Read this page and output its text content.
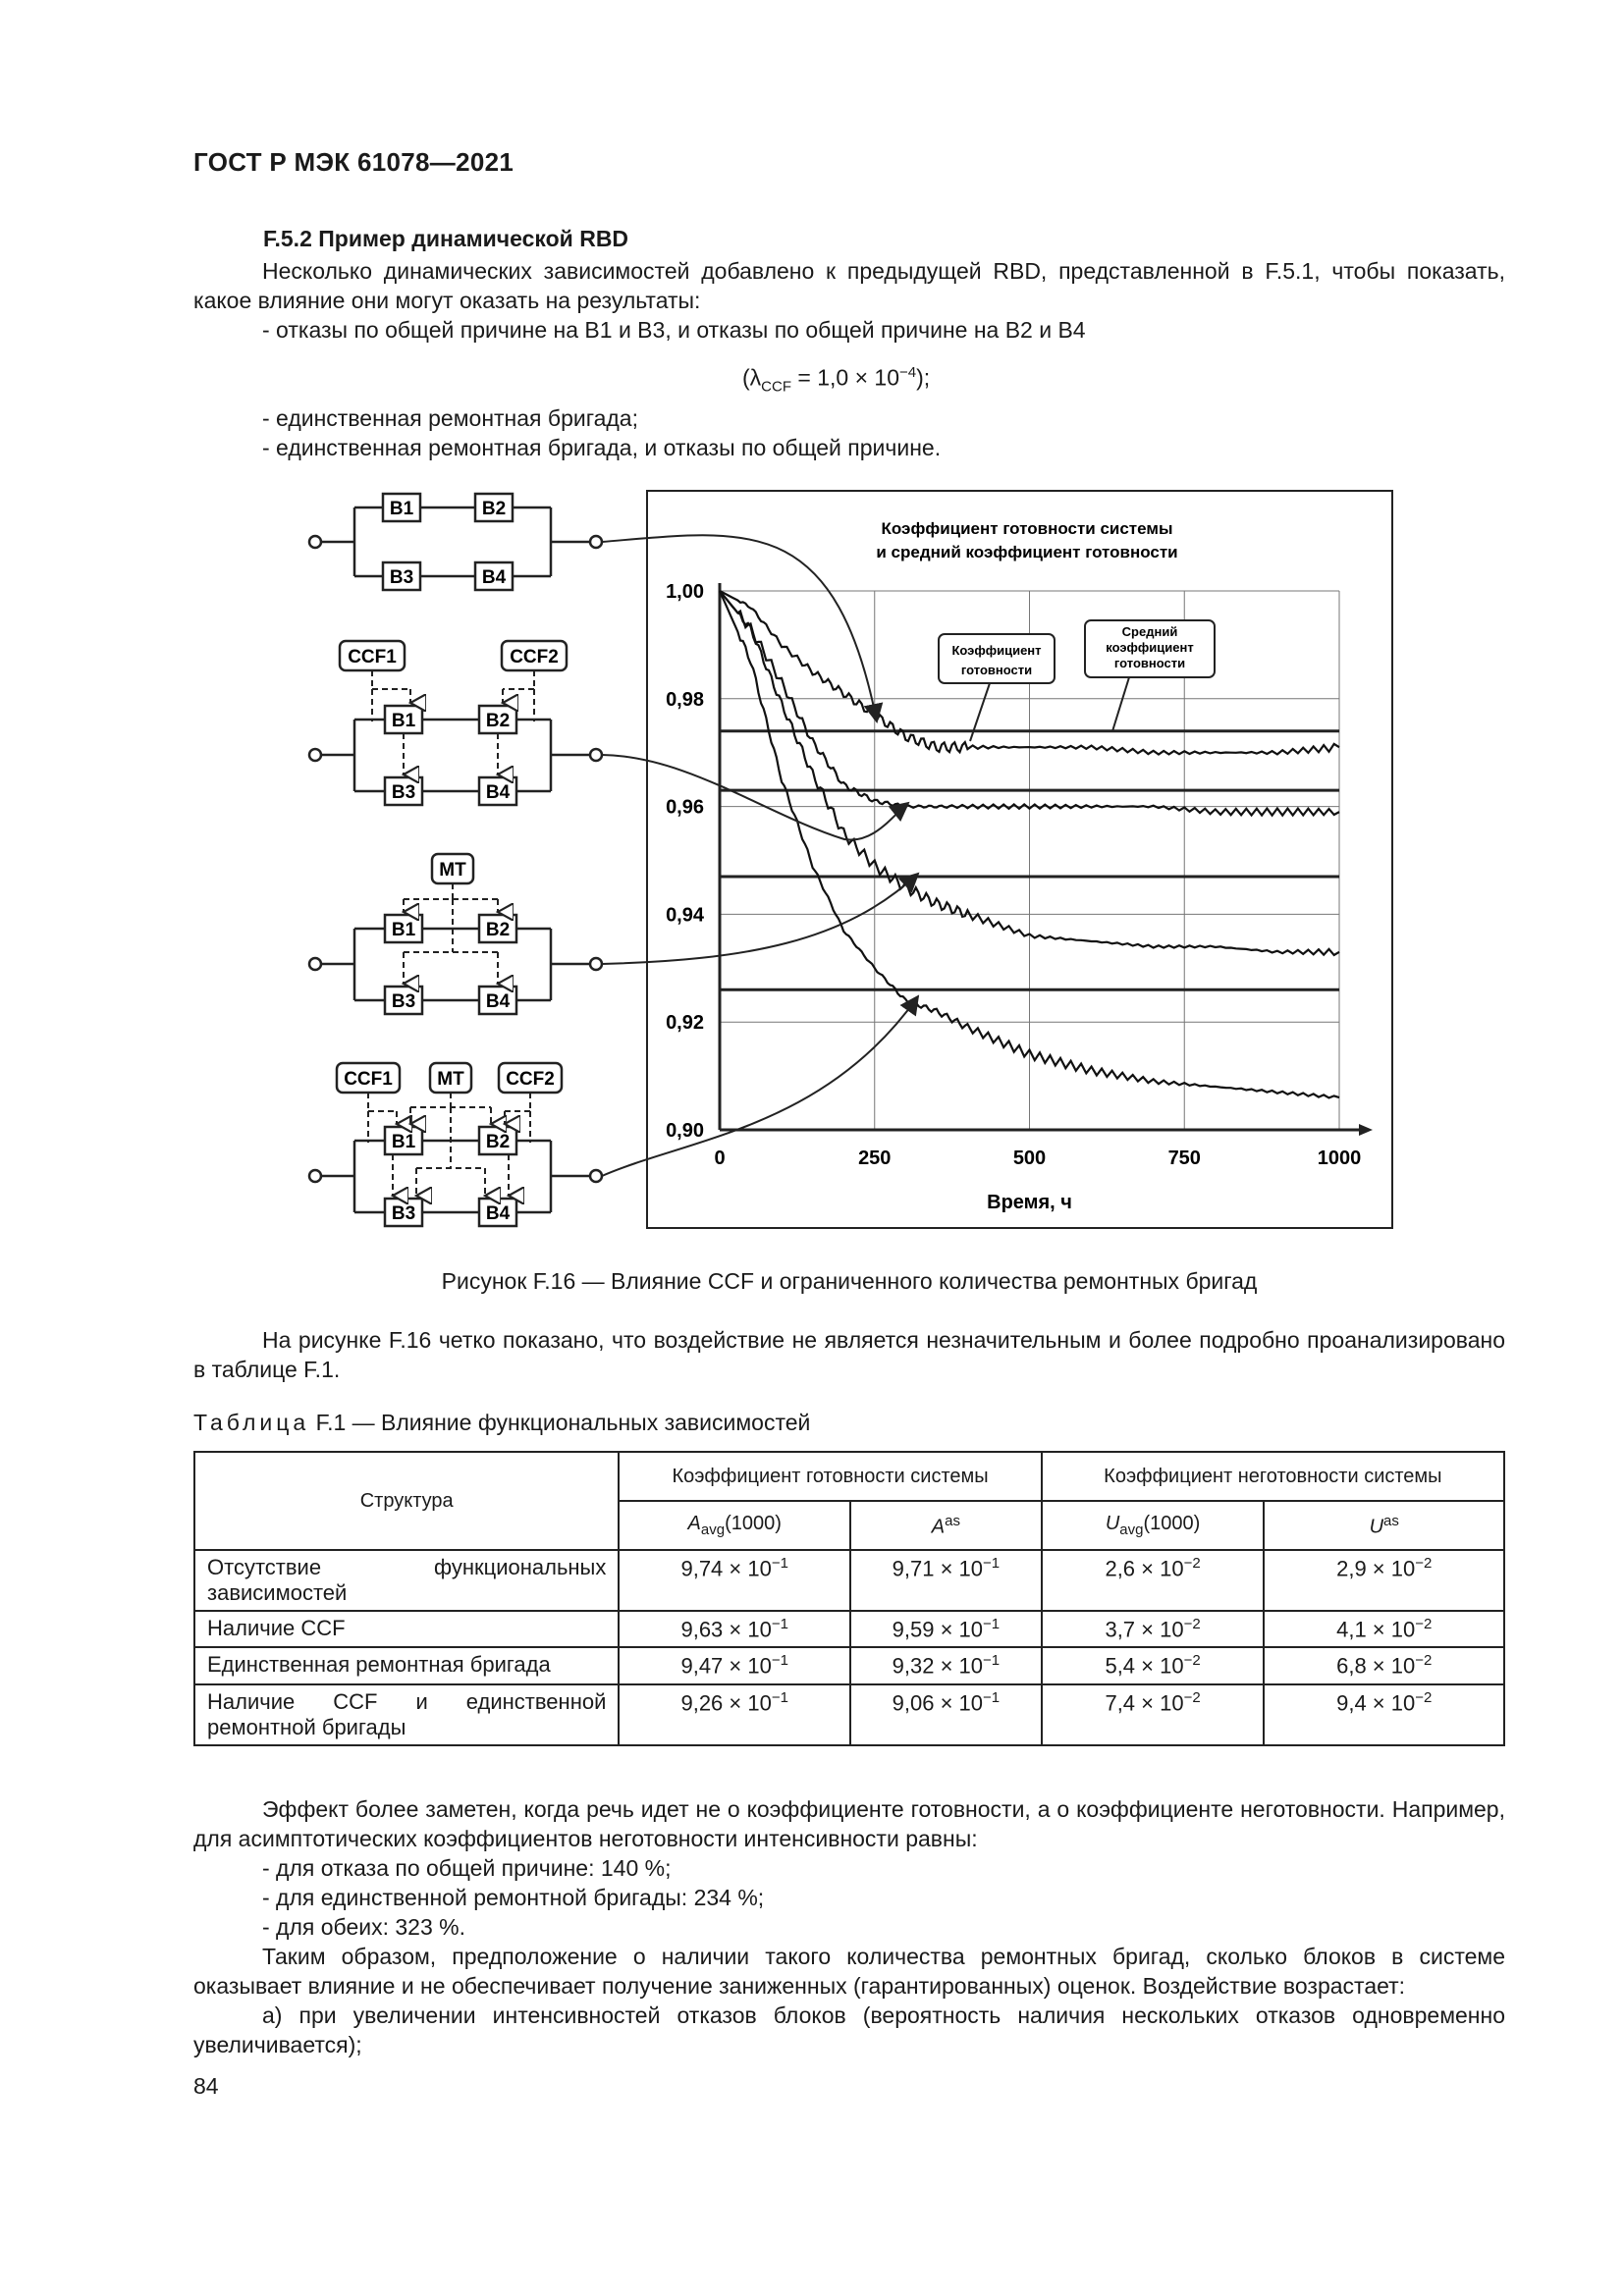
ГОСТ Р МЭК 61078—2021
F.5.2 Пример динамической RBD
Несколько динамических зависимостей добавлено к предыдущей RBD, представленной в F.5.1, чтобы показать, какое влияние они могут оказать на результаты:
- отказы по общей причине на B1 и B3, и отказы по общей причине на B2 и B4
$(\lambda_{CCF} = 1,0 \times 10^{-4})$;
- единственная ремонтная бригада;
- единственная ремонтная бригада, и отказы по общей причине.
B1	B2
B3	B4
CCF1	CCF2
B1	B2
B3	B4
MT
B1	B2
B3	B4
CCF1 MT CCF2
B1	B2
B3	B4
Коэффициент готовности системы
и средний коэффициент готовности
0	250	500	750	1000
0,90
0,92
0,94
0,96
0,98
1,00
Время, ч
Коэффициент
готовности
Средний
коэффициент
готовности
Рисунок F.16 — Влияние CCF и ограниченного количества ремонтных бригад
На рисунке F.16 четко показано, что воздействие не является незначительным и более подробно проанализировано в таблице F.1.
Таблица F.1 — Влияние функциональных зависимостей
Структура	Коэффициент готовности системы		Коэффициент неготовности системы	
	$A_{avg}(1000)$	$A^{as}$	$U_{avg}(1000)$	$U^{as}$
Отсутствие функциональных зависимостей	$9,74 \times 10^{-1}$	$9,71 \times 10^{-1}$	$2,6 \times 10^{-2}$	$2,9 \times 10^{-2}$
Наличие CCF	$9,63 \times 10^{-1}$	$9,59 \times 10^{-1}$	$3,7 \times 10^{-2}$	$4,1 \times 10^{-2}$
Единственная ремонтная бригада	$9,47 \times 10^{-1}$	$9,32 \times 10^{-1}$	$5,4 \times 10^{-2}$	$6,8 \times 10^{-2}$
Наличие CCF и единственной ремонтной бригады	$9,26 \times 10^{-1}$	$9,06 \times 10^{-1}$	$7,4 \times 10^{-2}$	$9,4 \times 10^{-2}$
Эффект более заметен, когда речь идет не о коэффициенте готовности, а о коэффициенте неготовности. Например, для асимптотических коэффициентов неготовности интенсивности равны:
- для отказа по общей причине: 140 %;
- для единственной ремонтной бригады: 234 %;
- для обеих: 323 %.
Таким образом, предположение о наличии такого количества ремонтных бригад, сколько блоков в системе оказывает влияние и не обеспечивает получение заниженных (гарантированных) оценок. Воздействие возрастает:
а) при увеличении интенсивностей отказов блоков (вероятность наличия нескольких отказов одновременно увеличивается);
84
